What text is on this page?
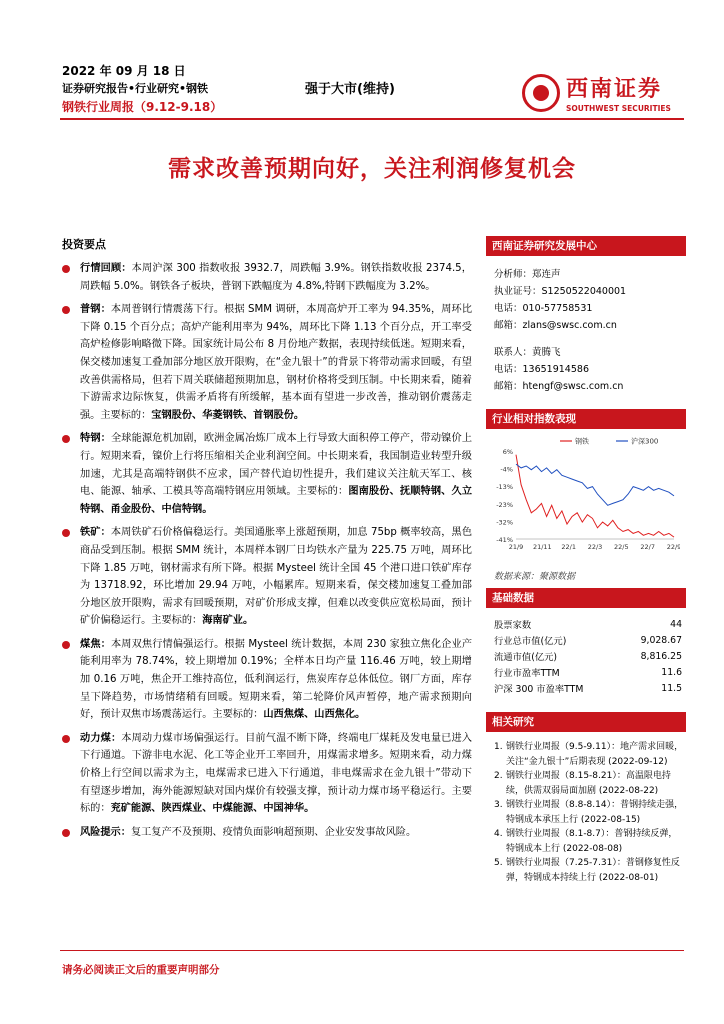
2022 年 09 月 18 日
证券研究报告•行业研究•钢铁
钢铁行业周报（9.12-9.18）
强于大市(维持)	西南证券
SOUTHWEST SECURITIES
需求改善预期向好，关注利润修复机会
投资要点
行情回顾：本周沪深 300 指数收报 3932.7，周跌幅 3.9%。钢铁指数收报 2374.5，周跌幅 5.0%。钢铁各子板块，普钢下跌幅度为 4.8%,特钢下跌幅度为 3.2%。
普钢：本周普钢行情震荡下行。根据 SMM 调研，本周高炉开工率为 94.35%，周环比下降 0.15 个百分点；高炉产能利用率为 94%，周环比下降 1.13 个百分点，开工率受高炉检修影响略微下降。国家统计局公布 8 月份地产数据，表现持续低迷。短期来看，保交楼加速复工叠加部分地区放开限购，在“金九银十”的背景下将带动需求回暖，有望改善供需格局，但若下周关联储超预期加息，钢材价格将受到压制。中长期来看，随着下游需求边际恢复，供需矛盾将有所缓解，基本面有望进一步改善，推动钢价震荡走强。主要标的：宝钢股份、华菱钢铁、首钢股份。
特钢：全球能源危机加剧，欧洲金属冶炼厂成本上行导致大面积停工停产，带动镍价上行。短期来看，镍价上行将压缩相关企业利润空间。中长期来看，我国制造业转型升级加速，尤其是高端特钢供不应求，国产替代迫切性提升，我们建议关注航天军工、核电、能源、轴承、工模具等高端特钢应用领域。主要标的：图南股份、抚顺特钢、久立特钢、甬金股份、中信特钢。
铁矿：本周铁矿石价格偏稳运行。美国通胀率上涨超预期，加息 75bp 概率较高，黑色商品受到压制。根据 SMM 统计，本周样本钢厂日均铁水产量为 225.75 万吨，周环比下降 1.85 万吨，钢材需求有所下降。根据 Mysteel 统计全国 45 个港口进口铁矿库存为 13718.92，环比增加 29.94 万吨，小幅累库。短期来看，保交楼加速复工叠加部分地区放开限购，需求有回暖预期，对矿价形成支撑，但难以改变供应宽松局面，预计矿价偏稳运行。主要标的：海南矿业。
煤焦：本周双焦行情偏强运行。根据 Mysteel 统计数据，本周 230 家独立焦化企业产能利用率为 78.74%，较上期增加 0.19%；全样本日均产量 116.46 万吨，较上期增加 0.16 万吨，焦企开工维持高位，低利润运行，焦炭库存总体低位。钢厂方面，库存呈下降趋势，市场情绪稍有回暖。短期来看，第二轮降价风声暂停，地产需求预期向好，预计双焦市场震荡运行。主要标的：山西焦煤、山西焦化。
动力煤：本周动力煤市场偏强运行。目前气温不断下降，终端电厂煤耗及发电量已进入下行通道。下游非电水泥、化工等企业开工率回升，用煤需求增多。短期来看，动力煤价格上行空间以需求为主，电煤需求已进入下行通道，非电煤需求在金九银十”带动下有望逐步增加，海外能源短缺对国内煤价有较强支撑，预计动力煤市场平稳运行。主要标的：兖矿能源、陕西煤业、中煤能源、中国神华。
风险提示：复工复产不及预期、疫情负面影响超预期、企业安发事故风险。
西南证券研究发展中心
分析师：郑连声
执业证号：S1250522040001
电话：010-57758531
邮箱：zlans@swsc.com.cn
联系人：黄腾飞
电话：13651914586
邮箱：htengf@swsc.com.cn
行业相对指数表现
6%
-4%
-13%
-23%
-32%
-41%
21/9 21/11 22/1 22/3 22/5 22/7 22/9
钢铁	沪深300
数据来源：聚源数据
基础数据
股票家数	44
行业总市值(亿元)	9,028.67
流通市值(亿元)	8,816.25
行业市盈率TTM	11.6
沪深 300 市盈率TTM	11.5
相关研究
1. 钢铁行业周报（9.5-9.11）：地产需求回暖，关注“金九银十”后期表现 (2022-09-12)
2. 钢铁行业周报（8.15-8.21）：高温限电持续，供需双弱局面加剧 (2022-08-22)
3. 钢铁行业周报（8.8-8.14）：普钢持续走强，特钢成本承压上行 (2022-08-15)
4. 钢铁行业周报（8.1-8.7）：普钢持续反弹，特钢成本上行 (2022-08-08)
5. 钢铁行业周报（7.25-7.31）：普钢修复性反弹，特钢成本持续上行 (2022-08-01)
请务必阅读正文后的重要声明部分
